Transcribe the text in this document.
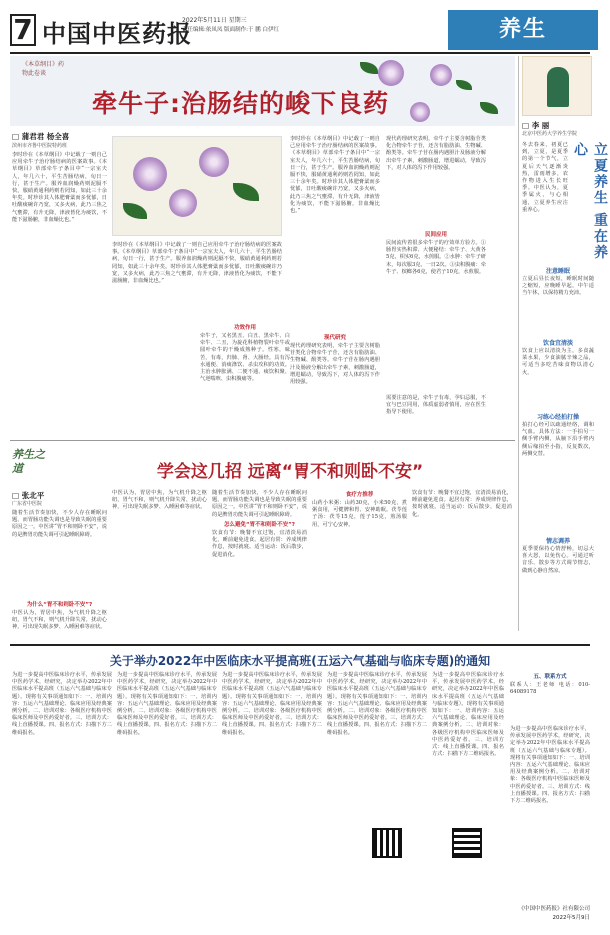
7 中国中医药报
2022年5月11日 星期三
责任编辑:依凤凤 版面制作:于 鹏 白伊红	养生
《本草纲目》药物此卷谈
牵牛子:治肠结的峻下良药
□ 蒲君君 杨全喜
滨州市齐鲁中医院特药班
李时珍在《本草纲目》中记载了一则自己应用牵牛子治疗肠结病的医案故事。《本草纲目》草部牵牛子条目中“一宗室夫人，年几六十，平生苦肠结病，旬日一行，甚于生产。服养血润燥药则泥膈不快，服硝黄通利药则若罔知，如此三十余年矣。时珍诊其人体肥膏粱而多忧郁，日吐酸痰碗许乃宽，又多火病，此乃三焦之气壅滞，有升无降，津液皆化为痰饮，不能下滋肠腑，非血燥比也。”
李时珍在《本草纲目》中记载了一则自己应用牵牛子治疗肠结病的医案故事。《本草纲目》草部牵牛子条目中“一宗室夫人，年几六十，平生苦肠结病，旬日一行，甚于生产。服养血润燥药则泥膈不快，服硝黄通利药则若罔知，如此三十余年矣。时珍诊其人体肥膏粱而多忧郁，日吐酸痰碗许乃宽，又多火病，此乃三焦之气壅滞，有升无降，津液皆化为痰饮，不能下滋肠腑，非血燥比也。”
功效作用
牵牛子，又名黑丑、白丑、黑牵牛、白牵牛、二丑，为旋花科植物裂叶牵牛或圆叶牵牛的干燥成熟种子。性寒，味苦，有毒，归肺、肾、大肠经。具有泻水通便、消痰涤饮、杀虫攻积的功效。主治水肿胀满、二便不通、痰饮积聚、气逆喘咳、虫积腹痛等。
李时珍在《本草纲目》中记载了一则自己应用牵牛子治疗肠结病的医案故事。《本草纲目》草部牵牛子条目中“一宗室夫人，年几六十，平生苦肠结病，旬日一行，甚于生产。服养血润燥药则泥膈不快，服硝黄通利药则若罔知，如此三十余年矣。时珍诊其人体肥膏粱而多忧郁，日吐酸痰碗许乃宽，又多火病，此乃三焦之气壅滞，有升无降，津液皆化为痰饮，不能下滋肠腑，非血燥比也。”
现代研究
现代药理研究表明，牵牛子主要含树脂苷类化合物牵牛子苷，还含有脂肪油、生物碱、酚类等。牵牛子苷在肠内遇胆汁及肠液分解出牵牛子素，刺激肠道，增进蠕动，导致泻下，对人体的泻下作用较强。
民间应用
民间流传着很多牵牛子的疗效单方验方。①肠胃实热积滞、大便秘结：牵牛子、大黄各5克，枳实6克，水煎服。②水肿：牵牛子研末，每次服3克，一日2次。③虫积腹痛：牵牛子、槟榔各6克，使君子10克，水煎服。
需要注意的是，牵牛子有毒，孕妇忌服，不宜与巴豆同用，体质虚弱者慎用，应在医生指导下使用。
现代药理研究表明，牵牛子主要含树脂苷类化合物牵牛子苷，还含有脂肪油、生物碱、酚类等。牵牛子苷在肠内遇胆汁及肠液分解出牵牛子素，刺激肠道，增进蠕动，导致泻下，对人体的泻下作用较强。
□ 李 丽
北京中医药大学养生学院
立夏养生 重在养心
冬去春来，初夏已到，立夏，是夏季的第一个节气，立夏后天气逐渐炎热，雷雨增多，农作物进入生长旺季。中医认为，夏季属火，与心相通，立夏养生应注重养心。
注意睡眠
立夏后昼长夜短，睡眠时间随之缩短，应晚睡早起，中午适当午休，以保持精力充沛。
饮食宜清淡
饮食上应以清淡为主，多食蔬菜水果，少食油腻辛辣之品，可适当多吃苦味食物以清心火。
习练心经拍打操
拍打心经可以疏通经络，调和气血。具体方法：一手拍另一侧手臂内侧，从腋下沿手臂内侧后缘拍至小指，反复数次，两侧交替。
情志调养
夏季要保持心情舒畅，切忌大喜大怒，以免伤心。可通过听音乐、散步等方式调节情志，做到心静自然凉。
养生之道	学会这几招 远离“胃不和则卧不安”
□ 张北平
广东省中医院
随着生活节奏加快，不少人存在睡眠问题，而胃肠功能失调也是导致失眠的重要原因之一。中医讲“胃不和则卧不安”，说的是脾胃功能失调可引起睡眠障碍。
为什么“胃不和则卧不安”?
中医认为，胃居中焦，为气机升降之枢纽，胃气不和，则气机升降失常，扰动心神，可出现失眠多梦、入睡困难等症状。
中医认为，胃居中焦，为气机升降之枢纽，胃气不和，则气机升降失常，扰动心神，可出现失眠多梦、入睡困难等症状。
怎么避免“胃不和则卧不安”?
饮食有节：晚餐不宜过饱，宜清淡易消化，睡前避免进食。起居有常：养成规律作息，按时就寝。适当运动：饭后散步，促进消化。
随着生活节奏加快，不少人存在睡眠问题，而胃肠功能失调也是导致失眠的重要原因之一。中医讲“胃不和则卧不安”，说的是脾胃功能失调可引起睡眠障碍。
食疗方推荐
山药小米粥：山药30克，小米50克，煮粥食用，可健脾和胃、安神助眠。茯苓莲子汤：茯苓15克，莲子15克，煎汤服用，可宁心安神。
饮食有节：晚餐不宜过饱，宜清淡易消化，睡前避免进食。起居有常：养成规律作息，按时就寝。适当运动：饭后散步，促进消化。
关于举办2022年中医临床水平提高班(五运六气基础与临床专题)的通知
为进一步提高中医临床诊疗水平，传承发展中医药学术，经研究，决定举办2022年中医临床水平提高班（五运六气基础与临床专题）。现将有关事项通知如下：一、培训内容：五运六气基础理论、临床应用及经典案例分析。二、培训对象：各级医疗机构中医临床医师及中医药爱好者。三、培训方式：线上直播授课。四、报名方式：扫描下方二维码报名。
为进一步提高中医临床诊疗水平，传承发展中医药学术，经研究，决定举办2022年中医临床水平提高班（五运六气基础与临床专题）。现将有关事项通知如下：一、培训内容：五运六气基础理论、临床应用及经典案例分析。二、培训对象：各级医疗机构中医临床医师及中医药爱好者。三、培训方式：线上直播授课。四、报名方式：扫描下方二维码报名。
为进一步提高中医临床诊疗水平，传承发展中医药学术，经研究，决定举办2022年中医临床水平提高班（五运六气基础与临床专题）。现将有关事项通知如下：一、培训内容：五运六气基础理论、临床应用及经典案例分析。二、培训对象：各级医疗机构中医临床医师及中医药爱好者。三、培训方式：线上直播授课。四、报名方式：扫描下方二维码报名。
为进一步提高中医临床诊疗水平，传承发展中医药学术，经研究，决定举办2022年中医临床水平提高班（五运六气基础与临床专题）。现将有关事项通知如下：一、培训内容：五运六气基础理论、临床应用及经典案例分析。二、培训对象：各级医疗机构中医临床医师及中医药爱好者。三、培训方式：线上直播授课。四、报名方式：扫描下方二维码报名。
为进一步提高中医临床诊疗水平，传承发展中医药学术，经研究，决定举办2022年中医临床水平提高班（五运六气基础与临床专题）。现将有关事项通知如下：一、培训内容：五运六气基础理论、临床应用及经典案例分析。二、培训对象：各级医疗机构中医临床医师及中医药爱好者。三、培训方式：线上直播授课。四、报名方式：扫描下方二维码报名。
五、联系方式
联系人：王老师 电话：010-64089178
为进一步提高中医临床诊疗水平，传承发展中医药学术，经研究，决定举办2022年中医临床水平提高班（五运六气基础与临床专题）。现将有关事项通知如下：一、培训内容：五运六气基础理论、临床应用及经典案例分析。二、培训对象：各级医疗机构中医临床医师及中医药爱好者。三、培训方式：线上直播授课。四、报名方式：扫描下方二维码报名。
《中国中医药报》社有限公司
2022年5月9日
